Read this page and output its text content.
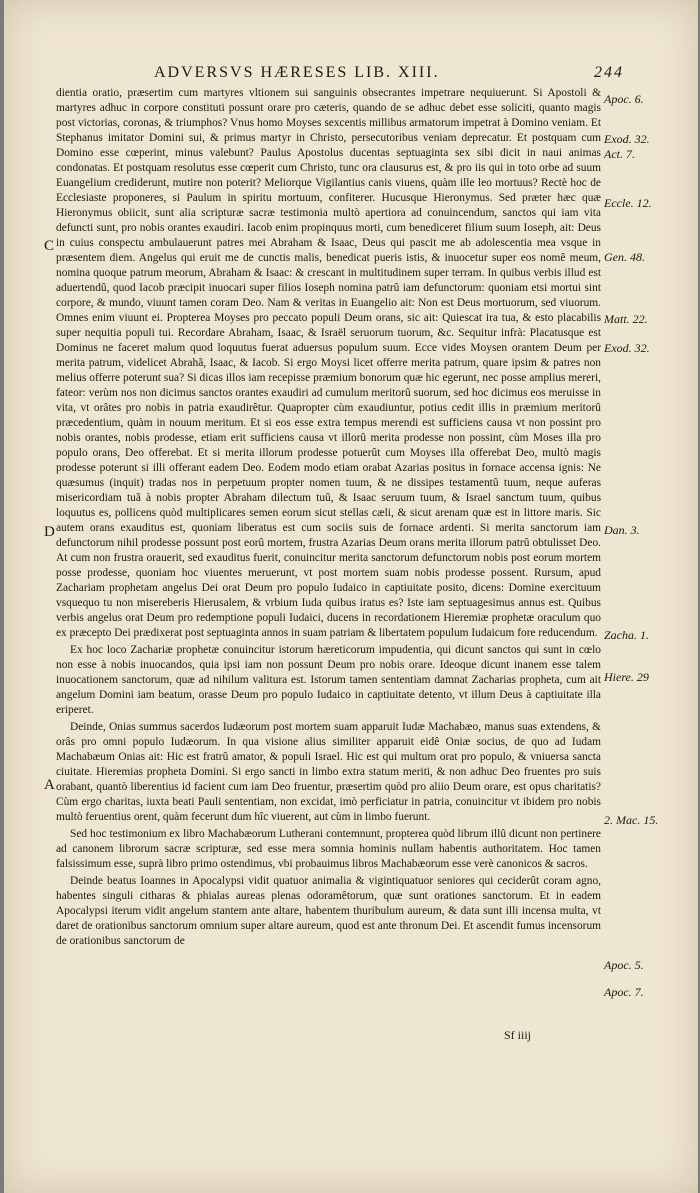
ADVERSVS HÆRESES LIB. XIII.	244
C
D
A

dientia oratio, præsertim cum martyres vltionem sui sanguinis obsecrantes impetrare nequiuerunt. Si Apostoli & martyres adhuc in corpore constituti possunt orare pro cæteris, quando de se adhuc debet esse soliciti, quanto magis post victorias, coronas, & triumphos? Vnus homo Moyses sexcentis millibus armatorum impetrat à Domino veniam. Et Stephanus imitator Domini sui, & primus martyr in Christo, persecutoribus veniam deprecatur. Et postquam cum Domino esse cœperint, minus valebunt? Paulus Apostolus ducentas septuaginta sex sibi dicit in naui animas condonatas. Et postquam resolutus esse cœperit cum Christo, tunc ora clausurus est, & pro iis qui in toto orbe ad suum Euangelium crediderunt, mutire non poterit? Meliorque Vigilantius canis viuens, quàm ille leo mortuus? Rectè hoc de Ecclesiaste proponeres, si Paulum in spiritu mortuum, confiterer. Hucusque Hieronymus. Sed præter hæc quæ Hieronymus obiicit, sunt alia scripturæ sacræ testimonia multò apertiora ad conuincendum, sanctos qui iam vita defuncti sunt, pro nobis orantes exaudiri. Iacob enim propinquus morti, cum benediceret filium suum Ioseph, ait: Deus in cuius conspectu ambulauerunt patres mei Abraham & Isaac, Deus qui pascit me ab adolescentia mea vsque in præsentem diem. Angelus qui eruit me de cunctis malis, benedicat pueris istis, & inuocetur super eos nomê meum, nomina quoque patrum meorum, Abraham & Isaac: & crescant in multitudinem super terram. In quibus verbis illud est aduertendû, quod Iacob præcipit inuocari super filios Ioseph nomina patrû iam defunctorum: quoniam etsi mortui sint corpore, & mundo, viuunt tamen coram Deo. Nam & veritas in Euangelio ait: Non est Deus mortuorum, sed viuorum. Omnes enim viuunt ei. Propterea Moyses pro peccato populi Deum orans, sic ait: Quiescat ira tua, & esto placabilis super nequitia populi tui. Recordare Abraham, Isaac, & Israël seruorum tuorum, &c. Sequitur infrà: Placatusque est Dominus ne faceret malum quod loquutus fuerat aduersus populum suum. Ecce vides Moysen orantem Deum per merita patrum, videlicet Abrahã, Isaac, & Iacob. Si ergo Moysi licet offerre merita patrum, quare ipsim & patres non melius offerre poterunt sua? Si dicas illos iam recepisse præmium bonorum quæ hic egerunt, nec posse amplius mereri, fateor: verùm nos non dicimus sanctos orantes exaudiri ad cumulum meritorû suorum, sed hoc dicimus eos meruisse in vita, vt orâtes pro nobis in patria exaudirêtur. Quapropter cùm exaudiuntur, potius cedit illis in præmium meritorû præcedentium, quàm in nouum meritum. Et si eos esse extra tempus merendi est sufficiens causa vt non possint pro nobis orantes, nobis prodesse, etiam erit sufficiens causa vt illorû merita prodesse non possint, cùm Moses illa pro populo orans, Deo offerebat. Et si merita illorum prodesse potuerût cum Moyses illa offerebat Deo, multò magis prodesse poterunt si illi offerant eadem Deo. Eodem modo etiam orabat Azarias positus in fornace accensa ignis: Ne quæsumus (inquit) tradas nos in perpetuum propter nomen tuum, & ne dissipes testamentû tuum, neque auferas misericordiam tuã à nobis propter Abraham dilectum tuû, & Isaac seruum tuum, & Israel sanctum tuum, quibus loquutus es, pollicens quòd multiplicares semen eorum sicut stellas cæli, & sicut arenam quæ est in littore maris. Sic autem orans exauditus est, quoniam liberatus est cum sociis suis de fornace ardenti. Si merita sanctorum iam defunctorum nihil prodesse possunt post eorû mortem, frustra Azarias Deum orans merita illorum patrû obtulisset Deo. At cum non frustra orauerit, sed exauditus fuerit, conuincitur merita sanctorum defunctorum nobis post eorum mortem posse prodesse, quoniam hoc viuentes meruerunt, vt post mortem suam nobis prodesse possent. Rursum, apud Zachariam prophetam angelus Dei orat Deum pro populo Iudaico in captiuitate posito, dicens: Domine exercituum vsquequo tu non misereberis Hierusalem, & vrbium Iuda quibus iratus es? Iste iam septuagesimus annus est. Quibus verbis angelus orat Deum pro redemptione populi Iudaici, ducens in recordationem Hieremiæ prophetæ oraculum quo ex præcepto Dei prædixerat post septuaginta annos in suam patriam & libertatem populum Iudaicum fore reducendum.

Ex hoc loco Zachariæ prophetæ conuincitur istorum hæreticorum impudentia, qui dicunt sanctos qui sunt in cœlo non esse à nobis inuocandos, quia ipsi iam non possunt Deum pro nobis orare. Ideoque dicunt inanem esse talem inuocationem sanctorum, quæ ad nihilum valitura est. Istorum tamen sententiam damnat Zacharias propheta, cum ait angelum Domini iam beatum, orasse Deum pro populo Iudaico in captiuitate detento, vt illum Deus à captiuitate illa eriperet.

Deinde, Onias summus sacerdos Iudæorum post mortem suam apparuit Iudæ Machabæo, manus suas extendens, & orâs pro omni populo Iudæorum. In qua visione alius similiter apparuit eidê Oniæ socius, de quo ad Iudam Machabæum Onias ait: Hic est fratrû amator, & populi Israel. Hic est qui multum orat pro populo, & vniuersa sancta ciuitate. Hieremias propheta Domini. Si ergo sancti in limbo extra statum meriti, & non adhuc Deo fruentes pro suis orabant, quantò liberentius id facient cum iam Deo fruentur, præsertim quòd pro aliio Deum orare, est opus charitatis? Cùm ergo charitas, iuxta beati Pauli sententiam, non excidat, imò perficiatur in patria, conuincitur vt ibidem pro nobis multò feruentius orent, quàm fecerunt dum hîc viuerent, aut cùm in limbo fuerunt.

Sed hoc testimonium ex libro Machabæorum Lutherani contemnunt, propterea quòd librum illû dicunt non pertinere ad canonem librorum sacræ scripturæ, sed esse mera somnia hominis nullam habentis authoritatem. Hoc tamen falsissimum esse, suprà libro primo ostendimus, vbi probauimus libros Machabæorum esse verè canonicos & sacros.

Deinde beatus Ioannes in Apocalypsi vidit quatuor animalia & vigintiquatuor seniores qui ceciderût coram agno, habentes singuli citharas & phialas aureas plenas odoramêtorum, quæ sunt orationes sanctorum. Et in eadem Apocalypsi iterum vidit angelum stantem ante altare, habentem thuribulum aureum, & data sunt illi incensa multa, vt daret de orationibus sanctorum omnium super altare aureum, quod est ante thronum Dei. Et ascendit fumus incensorum de orationibus sanctorum de

Apoc. 6.
Exod. 32.
Act. 7.
Eccle. 12.
Gen. 48.
Matt. 22.
Exod. 32.
Dan. 3.
Zacha. 1.
Hiere. 29
2. Mac. 15.
Apoc. 5.
Apoc. 7.
Sf iiij
